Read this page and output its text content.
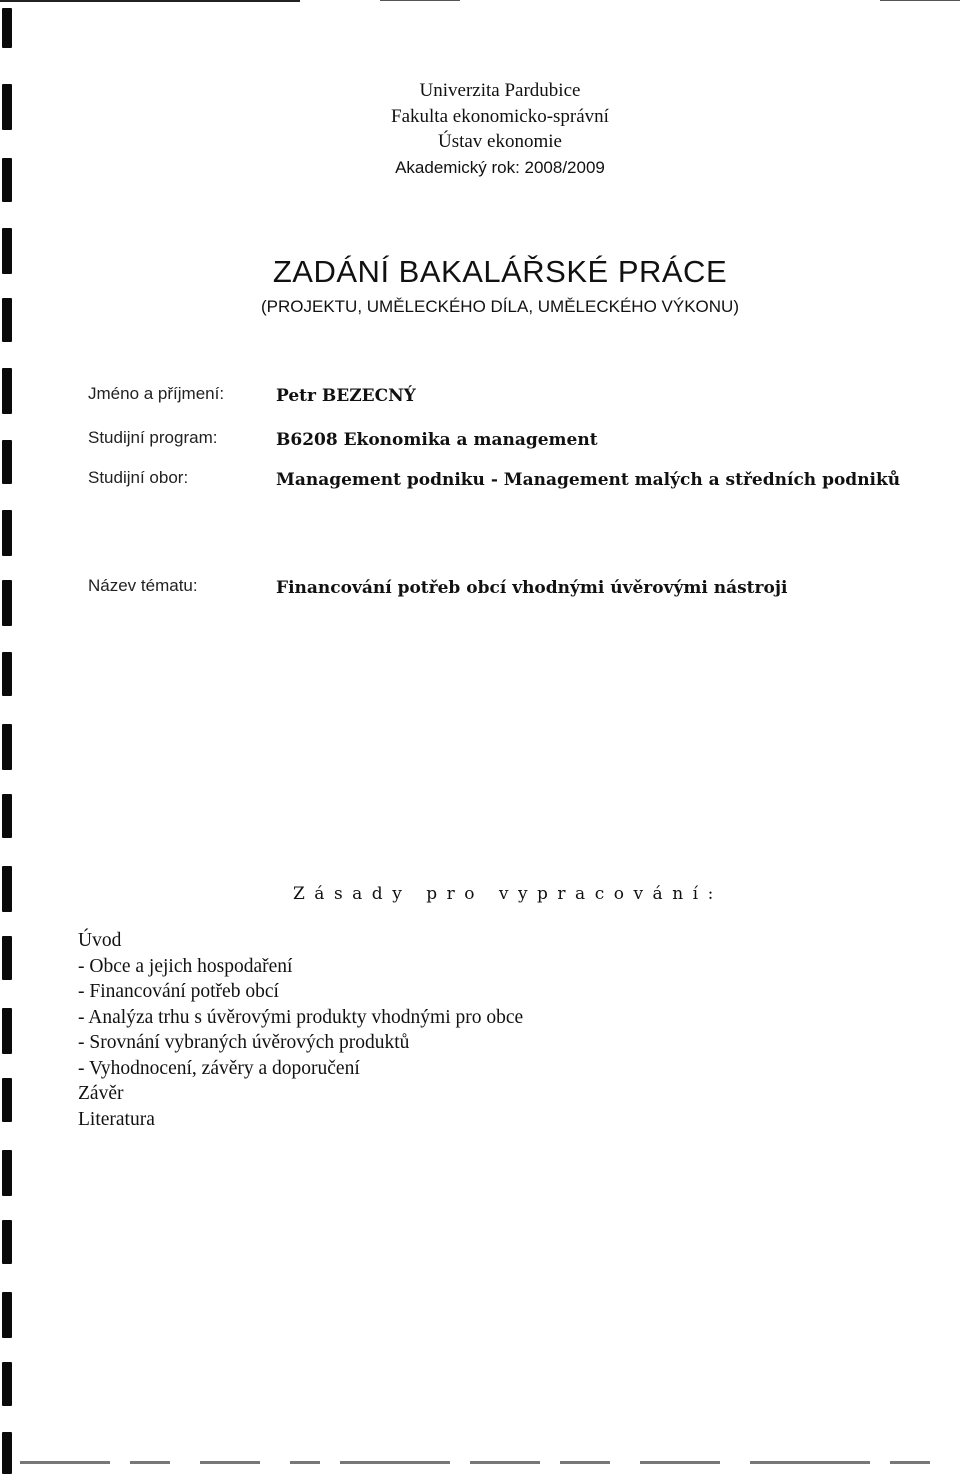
Univerzita Pardubice
Fakulta ekonomicko-správní
Ústav ekonomie
Akademický rok: 2008/2009
ZADÁNÍ BAKALÁŘSKÉ PRÁCE
(PROJEKTU, UMĚLECKÉHO DÍLA, UMĚLECKÉHO VÝKONU)
Jméno a příjmení:	Petr BEZECNÝ
Studijní program:	B6208 Ekonomika a management
Studijní obor:	Management podniku - Management malých a středních podniků
Název tématu:	Financování potřeb obcí vhodnými úvěrovými nástroji
Zásady pro vypracování:
Úvod
- Obce a jejich hospodaření
- Financování potřeb obcí
- Analýza trhu s úvěrovými produkty vhodnými pro obce
- Srovnání vybraných úvěrových produktů
- Vyhodnocení, závěry a doporučení
Závěr
Literatura
